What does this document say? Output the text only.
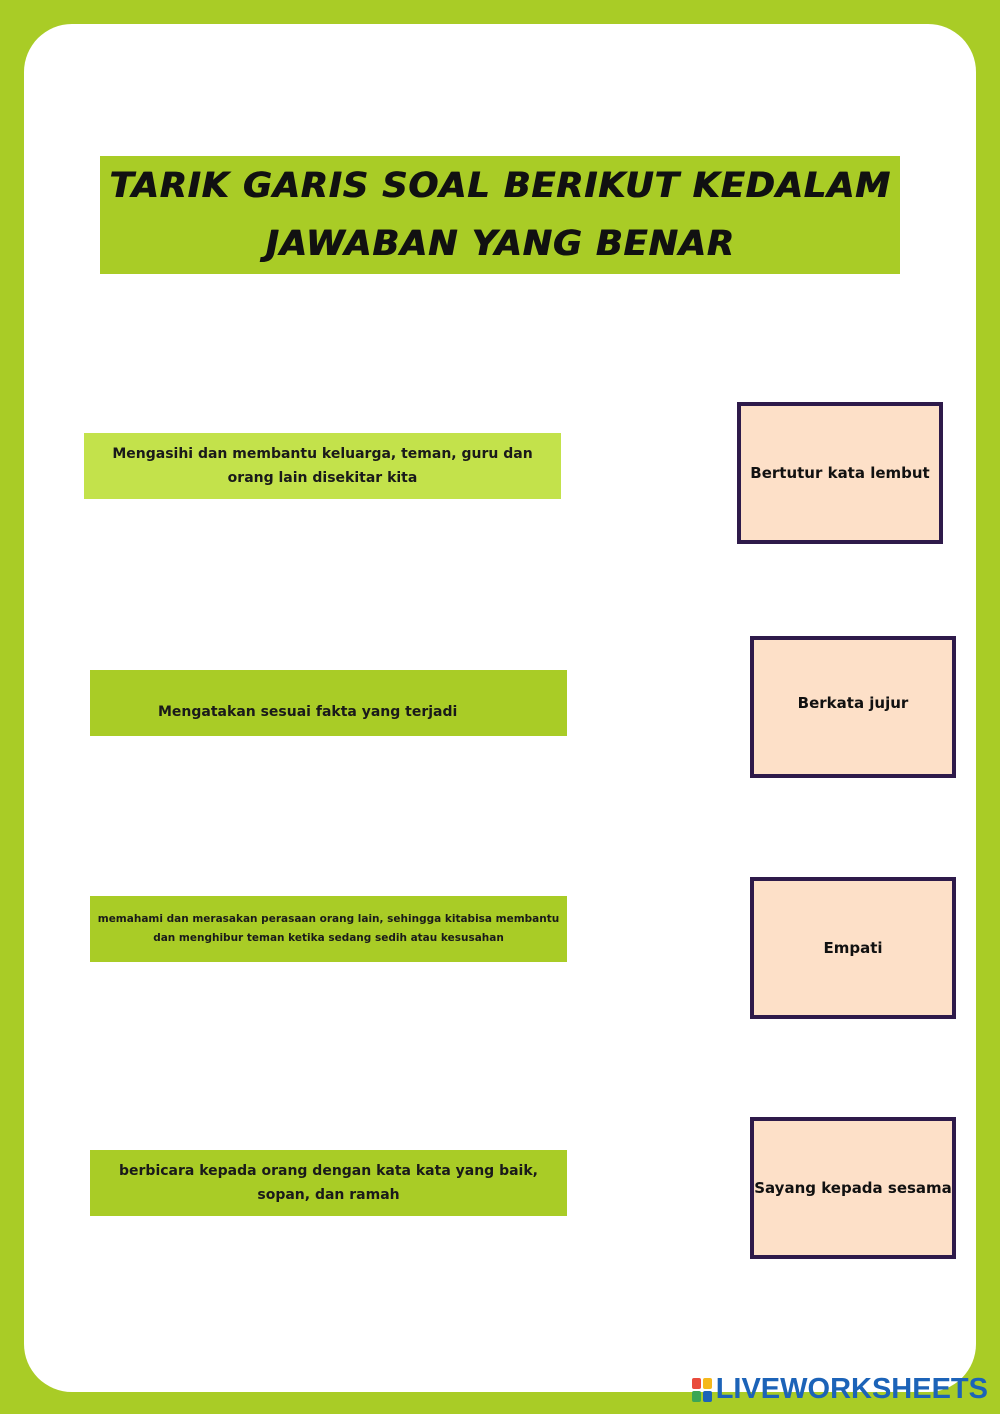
TARIK GARIS SOAL BERIKUT KEDALAM
JAWABAN YANG BENAR
Mengasihi dan membantu keluarga, teman, guru dan orang lain disekitar kita
Mengatakan sesuai fakta yang terjadi
memahami dan merasakan perasaan orang lain, sehingga kitabisa membantu dan menghibur teman ketika sedang sedih atau kesusahan
berbicara kepada orang dengan kata kata yang baik, sopan, dan ramah
Bertutur kata lembut
Berkata jujur
Empati
Sayang kepada sesama
LIVEWORKSHEETS
